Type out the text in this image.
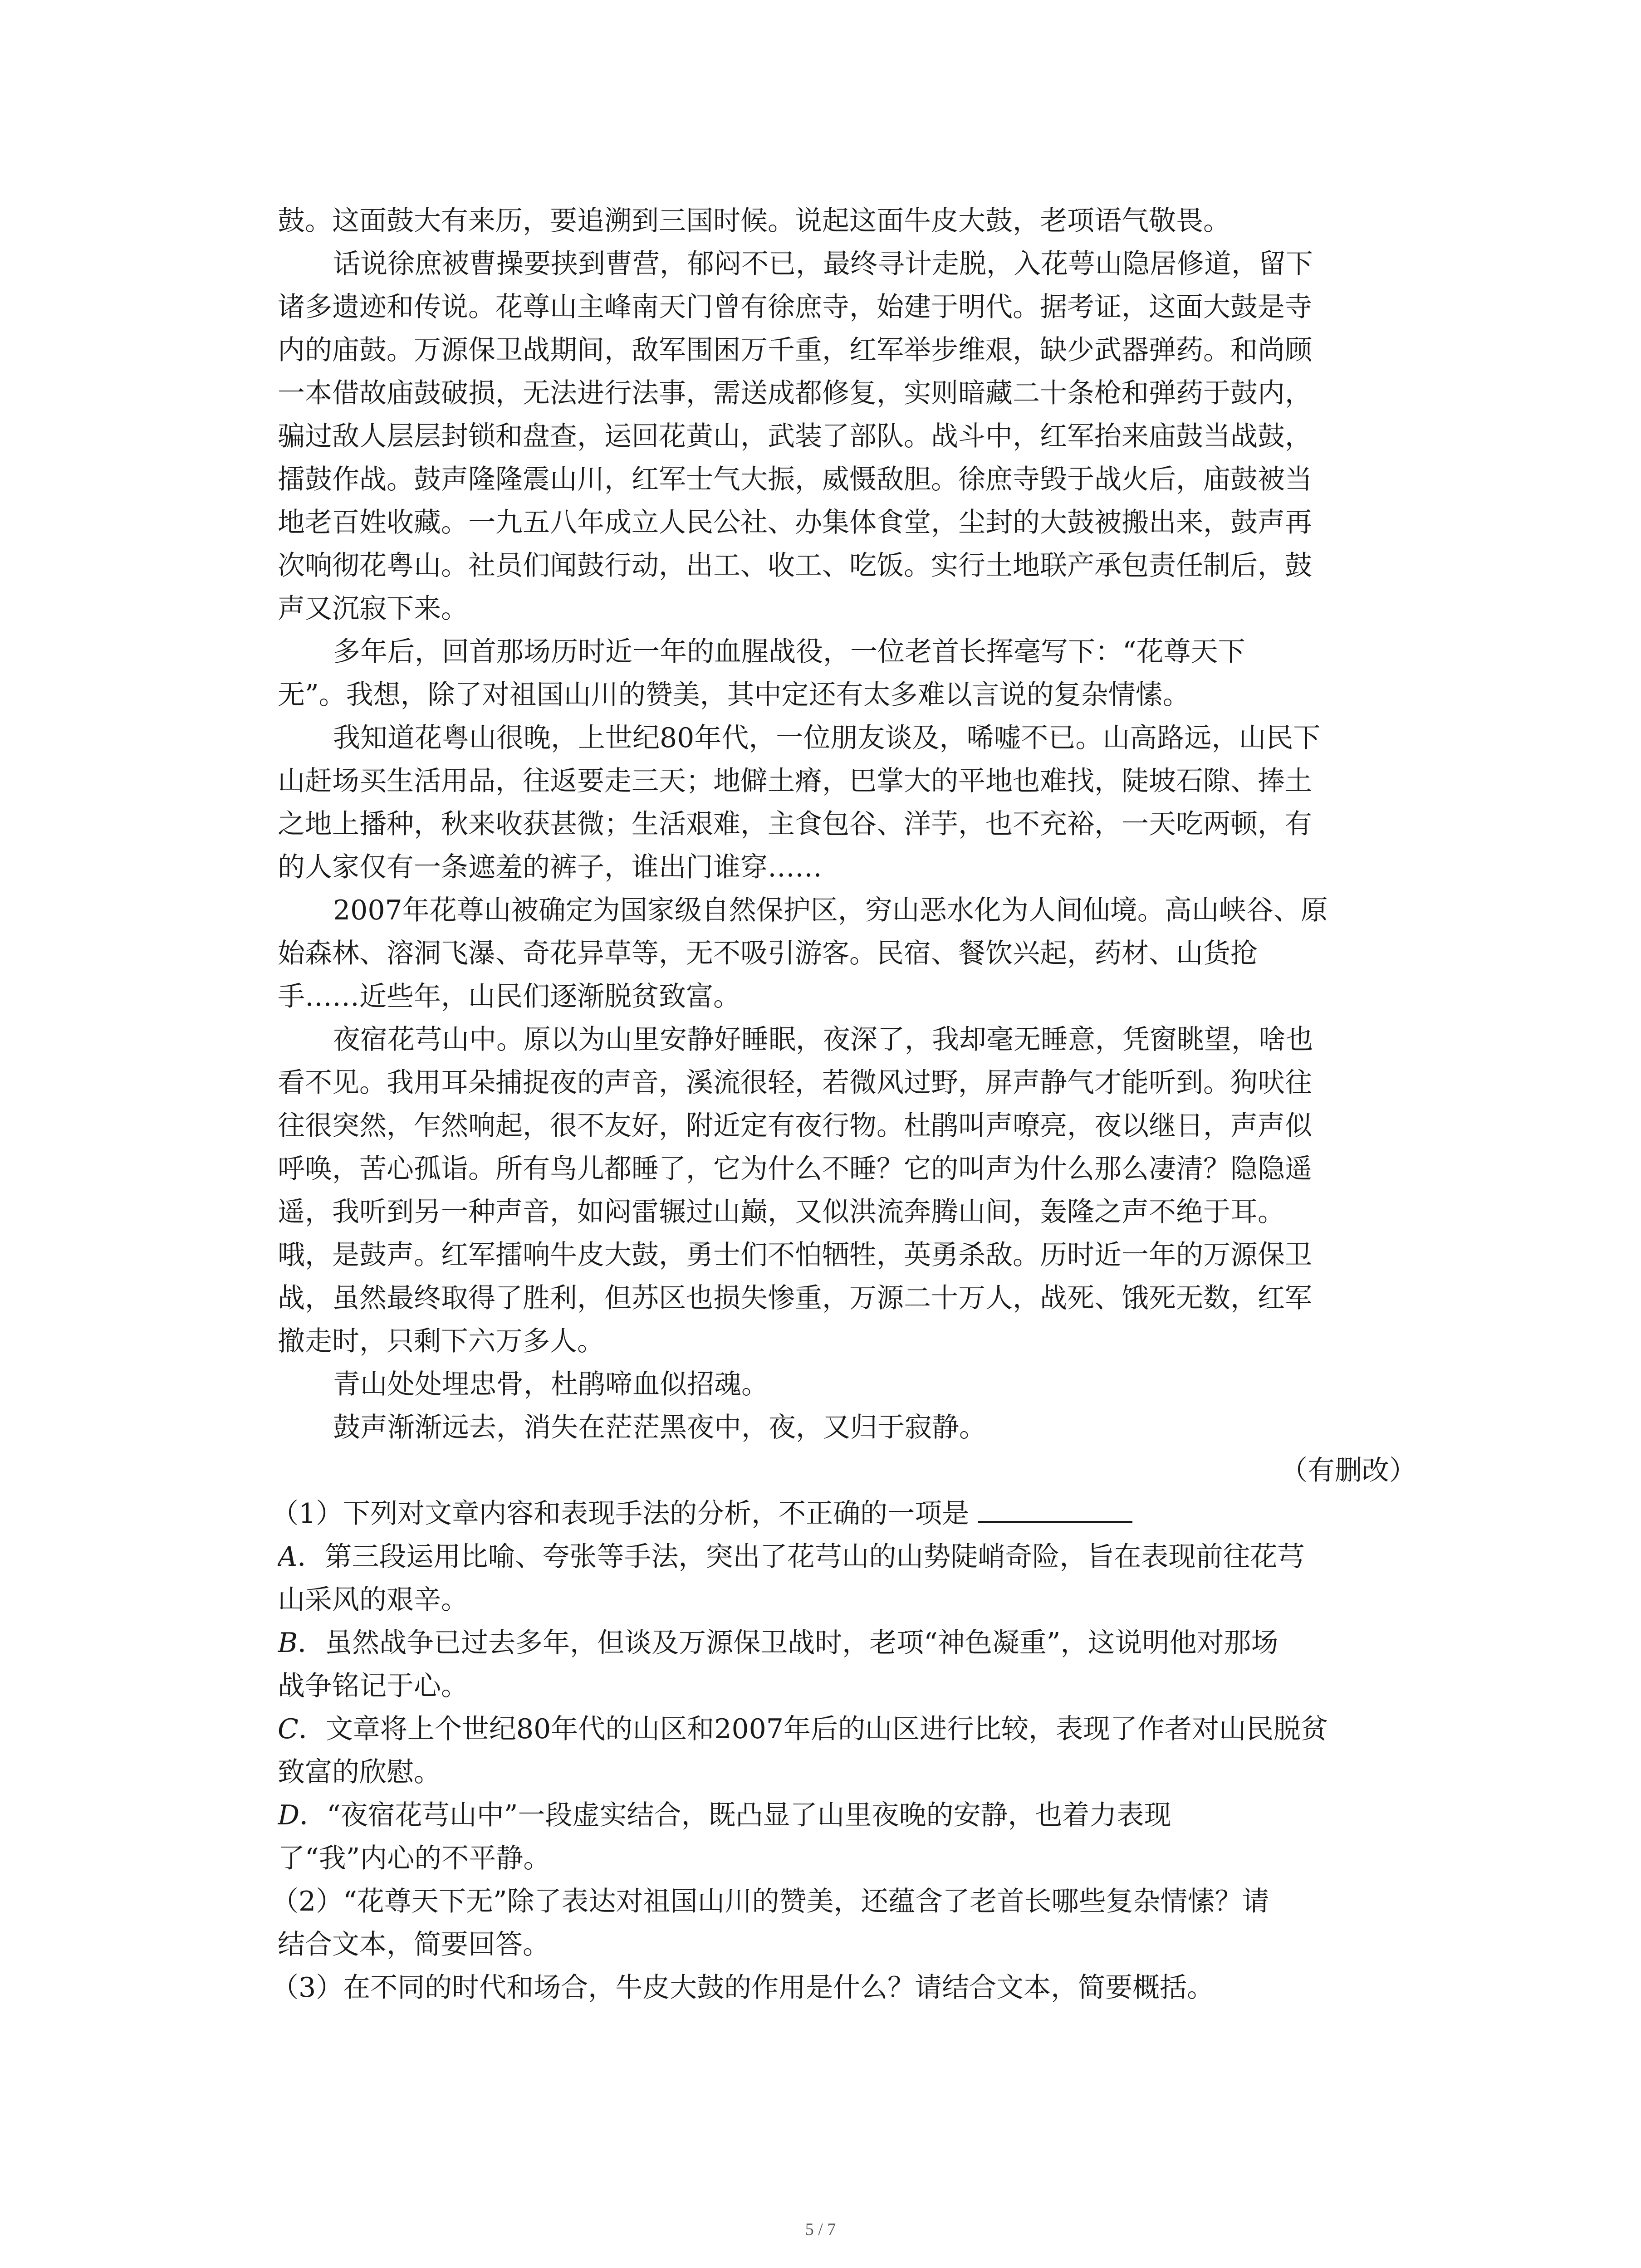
鼓。这面鼓大有来历，要追溯到三国时候。说起这面牛皮大鼓，老项语气敬畏。
话说徐庶被曹操要挟到曹营，郁闷不已，最终寻计走脱，入花萼山隐居修道，留下
诸多遗迹和传说。花尊山主峰南天门曾有徐庶寺，始建于明代。据考证，这面大鼓是寺
内的庙鼓。万源保卫战期间，敌军围困万千重，红军举步维艰，缺少武器弹药。和尚顾
一本借故庙鼓破损，无法进行法事，需送成都修复，实则暗藏二十条枪和弹药于鼓内，
骗过敌人层层封锁和盘查，运回花黄山，武装了部队。战斗中，红军抬来庙鼓当战鼓，
擂鼓作战。鼓声隆隆震山川，红军士气大振，威慑敌胆。徐庶寺毁于战火后，庙鼓被当
地老百姓收藏。一九五八年成立人民公社、办集体食堂，尘封的大鼓被搬出来，鼓声再
次响彻花粤山。社员们闻鼓行动，出工、收工、吃饭。实行土地联产承包责任制后，鼓
声又沉寂下来。
多年后，回首那场历时近一年的血腥战役，一位老首长挥毫写下：“花尊天下
无”。我想，除了对祖国山川的赞美，其中定还有太多难以言说的复杂情愫。
我知道花粤山很晚，上世纪80年代，一位朋友谈及，唏嘘不已。山高路远，山民下
山赶场买生活用品，往返要走三天；地僻土瘠，巴掌大的平地也难找，陡坡石隙、捧土
之地上播种，秋来收获甚微；生活艰难，主食包谷、洋芋，也不充裕，一天吃两顿，有
的人家仅有一条遮羞的裤子，谁出门谁穿……
2007年花尊山被确定为国家级自然保护区，穷山恶水化为人间仙境。高山峡谷、原
始森林、溶洞飞瀑、奇花异草等，无不吸引游客。民宿、餐饮兴起，药材、山货抢
手……近些年，山民们逐渐脱贫致富。
夜宿花芎山中。原以为山里安静好睡眠，夜深了，我却毫无睡意，凭窗眺望，啥也
看不见。我用耳朵捕捉夜的声音，溪流很轻，若微风过野，屏声静气才能听到。狗吠往
往很突然，乍然响起，很不友好，附近定有夜行物。杜鹃叫声嘹亮，夜以继日，声声似
呼唤，苦心孤诣。所有鸟儿都睡了，它为什么不睡？它的叫声为什么那么凄清？隐隐遥
遥，我听到另一种声音，如闷雷辗过山巅，又似洪流奔腾山间，轰隆之声不绝于耳。
哦，是鼓声。红军擂响牛皮大鼓，勇士们不怕牺牲，英勇杀敌。历时近一年的万源保卫
战，虽然最终取得了胜利，但苏区也损失惨重，万源二十万人，战死、饿死无数，红军
撤走时，只剩下六万多人。
青山处处埋忠骨，杜鹃啼血似招魂。
鼓声渐渐远去，消失在茫茫黑夜中，夜，又归于寂静。
（有删改）
（1）下列对文章内容和表现手法的分析，不正确的一项是
A．第三段运用比喻、夸张等手法，突出了花芎山的山势陡峭奇险，旨在表现前往花芎
山采风的艰辛。
B．虽然战争已过去多年，但谈及万源保卫战时，老项“神色凝重”，这说明他对那场
战争铭记于心。
C．文章将上个世纪80年代的山区和2007年后的山区进行比较，表现了作者对山民脱贫
致富的欣慰。
D．“夜宿花芎山中”一段虚实结合，既凸显了山里夜晚的安静，也着力表现
了“我”内心的不平静。
（2）“花尊天下无”除了表达对祖国山川的赞美，还蕴含了老首长哪些复杂情愫？请
结合文本，简要回答。
（3）在不同的时代和场合，牛皮大鼓的作用是什么？请结合文本，简要概括。
5 / 7
